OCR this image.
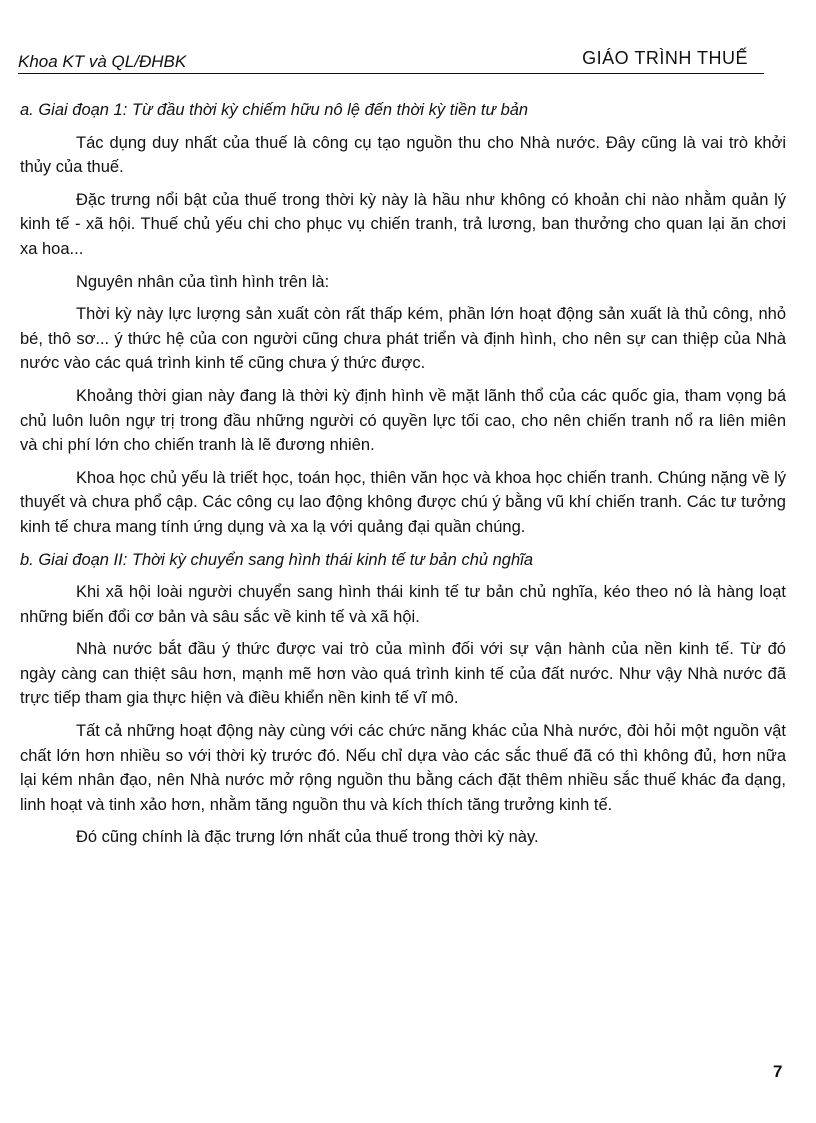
Khoa KT và QL/ĐHBK	GIÁO TRÌNH THUẾ

a. Giai đoạn 1: Từ đầu thời kỳ chiếm hữu nô lệ đến thời kỳ tiền tư bản

Tác dụng duy nhất của thuế là công cụ tạo nguồn thu cho Nhà nước. Đây cũng là vai trò khởi thủy của thuế.

Đặc trưng nổi bật của thuế trong thời kỳ này là hầu như không có khoản chi nào nhằm quản lý kinh tế - xã hội. Thuế chủ yếu chi cho phục vụ chiến tranh, trả lương, ban thưởng cho quan lại ăn chơi xa hoa...

Nguyên nhân của tình hình trên là:

Thời kỳ này lực lượng sản xuất còn rất thấp kém, phần lớn hoạt động sản xuất là thủ công, nhỏ bé, thô sơ... ý thức hệ của con người cũng chưa phát triển và định hình, cho nên sự can thiệp của Nhà nước vào các quá trình kinh tế cũng chưa ý thức được.

Khoảng thời gian này đang là thời kỳ định hình về mặt lãnh thổ của các quốc gia, tham vọng bá chủ luôn luôn ngự trị trong đầu những người có quyền lực tối cao, cho nên chiến tranh nổ ra liên miên và chi phí lớn cho chiến tranh là lẽ đương nhiên.

Khoa học chủ yếu là triết học, toán học, thiên văn học và khoa học chiến tranh. Chúng nặng về lý thuyết và chưa phổ cập. Các công cụ lao động không được chú ý bằng vũ khí chiến tranh. Các tư tưởng kinh tế chưa mang tính ứng dụng và xa lạ với quảng đại quần chúng.

b. Giai đoạn II: Thời kỳ chuyển sang hình thái kinh tế tư bản chủ nghĩa

Khi xã hội loài người chuyển sang hình thái kinh tế tư bản chủ nghĩa, kéo theo nó là hàng loạt những biến đổi cơ bản và sâu sắc về kinh tế và xã hội.

Nhà nước bắt đầu ý thức được vai trò của mình đối với sự vận hành của nền kinh tế. Từ đó ngày càng can thiệt sâu hơn, mạnh mẽ hơn vào quá trình kinh tế của đất nước. Như vậy Nhà nước đã trực tiếp tham gia thực hiện và điều khiển nền kinh tế vĩ mô.

Tất cả những hoạt động này cùng với các chức năng khác của Nhà nước, đòi hỏi một nguồn vật chất lớn hơn nhiều so với thời kỳ trước đó. Nếu chỉ dựa vào các sắc thuế đã có thì không đủ, hơn nữa lại kém nhân đạo, nên Nhà nước mở rộng nguồn thu bằng cách đặt thêm nhiều sắc thuế khác đa dạng, linh hoạt và tinh xảo hơn, nhằm tăng nguồn thu và kích thích tăng trưởng kinh tế.

Đó cũng chính là đặc trưng lớn nhất của thuế trong thời kỳ này.

7
